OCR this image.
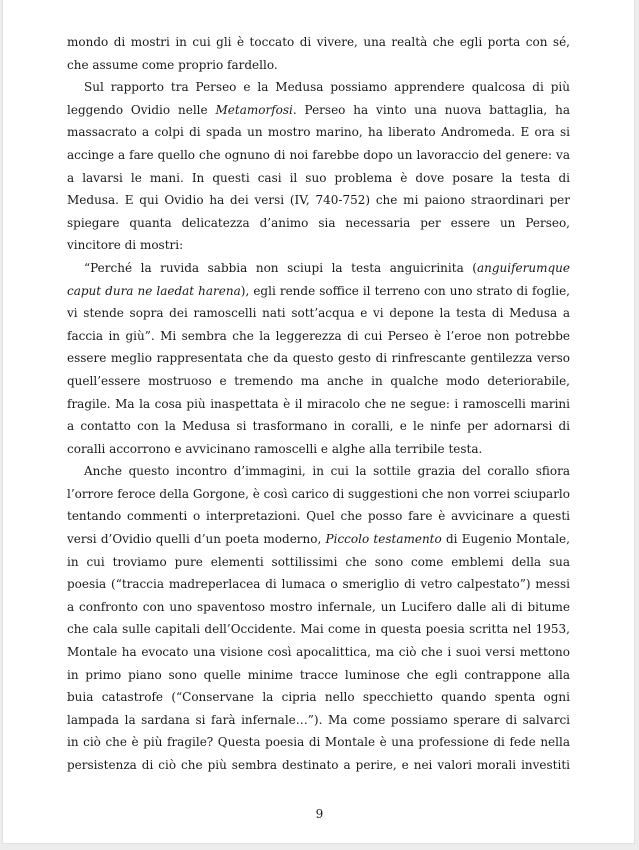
mondo di mostri in cui gli è toccato di vivere, una realtà che egli porta con sé,
che assume come proprio fardello.
Sul rapporto tra Perseo e la Medusa possiamo apprendere qualcosa di più
leggendo Ovidio nelle Metamorfosi. Perseo ha vinto una nuova battaglia, ha
massacrato a colpi di spada un mostro marino, ha liberato Andromeda. E ora si
accinge a fare quello che ognuno di noi farebbe dopo un lavoraccio del genere: va
a lavarsi le mani. In questi casi il suo problema è dove posare la testa di
Medusa. E qui Ovidio ha dei versi (IV, 740-752) che mi paiono straordinari per
spiegare quanta delicatezza d’animo sia necessaria per essere un Perseo,
vincitore di mostri:
“Perché la ruvida sabbia non sciupi la testa anguicrinita (anguiferumque
caput dura ne laedat harena), egli rende soffice il terreno con uno strato di foglie,
vi stende sopra dei ramoscelli nati sott’acqua e vi depone la testa di Medusa a
faccia in giù”. Mi sembra che la leggerezza di cui Perseo è l’eroe non potrebbe
essere meglio rappresentata che da questo gesto di rinfrescante gentilezza verso
quell’essere mostruoso e tremendo ma anche in qualche modo deteriorabile,
fragile. Ma la cosa più inaspettata è il miracolo che ne segue: i ramoscelli marini
a contatto con la Medusa si trasformano in coralli, e le ninfe per adornarsi di
coralli accorrono e avvicinano ramoscelli e alghe alla terribile testa.
Anche questo incontro d’immagini, in cui la sottile grazia del corallo sfiora
l’orrore feroce della Gorgone, è così carico di suggestioni che non vorrei sciuparlo
tentando commenti o interpretazioni. Quel che posso fare è avvicinare a questi
versi d’Ovidio quelli d’un poeta moderno, Piccolo testamento di Eugenio Montale,
in cui troviamo pure elementi sottilissimi che sono come emblemi della sua
poesia (“traccia madreperlacea di lumaca o smeriglio di vetro calpestato”) messi
a confronto con uno spaventoso mostro infernale, un Lucifero dalle ali di bitume
che cala sulle capitali dell’Occidente. Mai come in questa poesia scritta nel 1953,
Montale ha evocato una visione così apocalittica, ma ciò che i suoi versi mettono
in primo piano sono quelle minime tracce luminose che egli contrappone alla
buia catastrofe (“Conservane la cipria nello specchietto quando spenta ogni
lampada la sardana si farà infernale…”). Ma come possiamo sperare di salvarci
in ciò che è più fragile? Questa poesia di Montale è una professione di fede nella
persistenza di ciò che più sembra destinato a perire, e nei valori morali investiti
9
